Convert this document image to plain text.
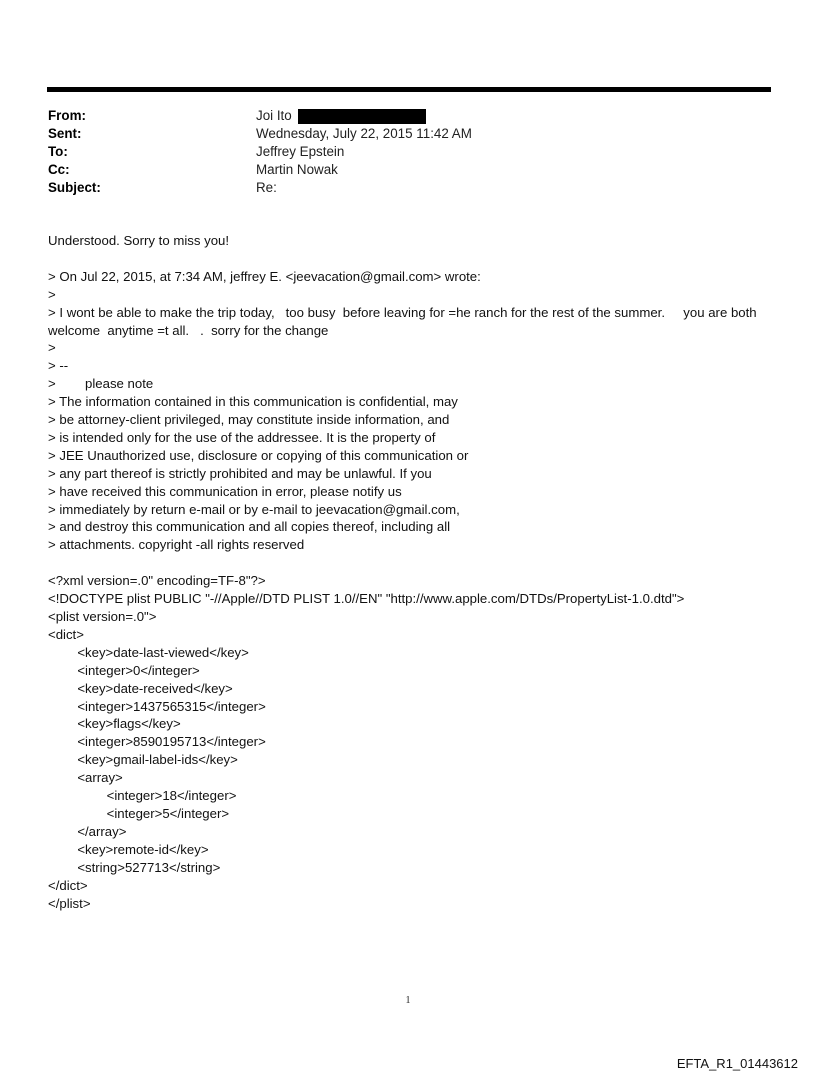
From:	Joi Ito
Sent:	Wednesday, July 22, 2015 11:42 AM
To:	Jeffrey Epstein
Cc:	Martin Nowak
Subject:	Re:
Understood. Sorry to miss you!
> On Jul 22, 2015, at 7:34 AM, jeffrey E. <jeevacation@gmail.com> wrote:
>
> I wont be able to make the trip today,   too busy  before leaving for =he ranch for the rest of the summer.     you are both welcome  anytime =t all.   .  sorry for the change
>
> --
>        please note
> The information contained in this communication is confidential, may
> be attorney-client privileged, may constitute inside information, and
> is intended only for the use of the addressee. It is the property of
> JEE Unauthorized use, disclosure or copying of this communication or
> any part thereof is strictly prohibited and may be unlawful. If you
> have received this communication in error, please notify us
> immediately by return e-mail or by e-mail to jeevacation@gmail.com,
> and destroy this communication and all copies thereof, including all
> attachments. copyright -all rights reserved
<?xml version=.0" encoding=TF-8"?>
<!DOCTYPE plist PUBLIC "-//Apple//DTD PLIST 1.0//EN" "http://www.apple.com/DTDs/PropertyList-1.0.dtd">
<plist version=.0">
<dict>
<key>date-last-viewed</key>
<integer>0</integer>
<key>date-received</key>
<integer>1437565315</integer>
<key>flags</key>
<integer>8590195713</integer>
<key>gmail-label-ids</key>
<array>
<integer>18</integer>
<integer>5</integer>
</array>
<key>remote-id</key>
<string>527713</string>
</dict>
</plist>
1
EFTA_R1_01443612
